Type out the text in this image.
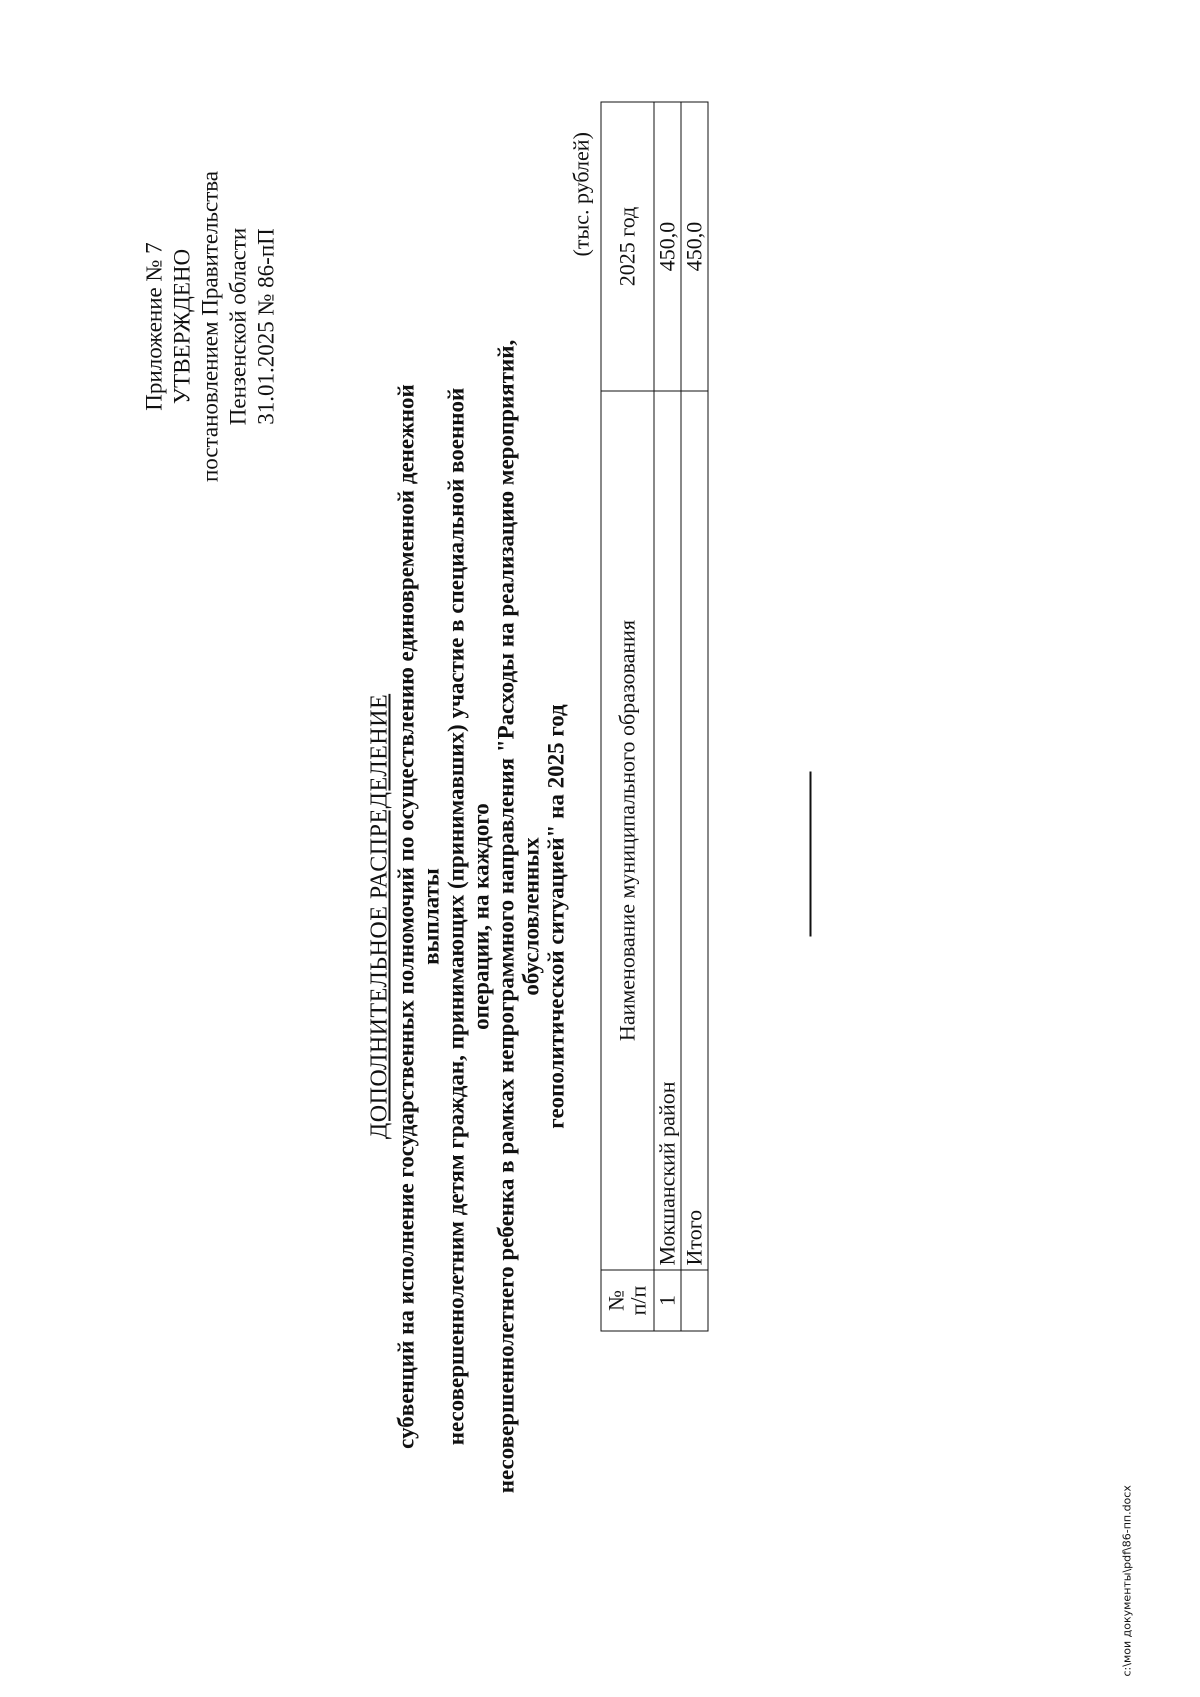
Приложение № 7 УТВЕРЖДЕНО постановлением Правительства Пензенской области 31.01.2025 № 86-пП
ДОПОЛНИТЕЛЬНОЕ РАСПРЕДЕЛЕНИЕ субвенций на исполнение государственных полномочий по осуществлению единовременной денежной выплаты несовершеннолетним детям граждан, принимающих (принимавших) участие в специальной военной операции, на каждого несовершеннолетнего ребенка в рамках непрограммного направления "Расходы на реализацию мероприятий, обусловленных геополитической ситуацией" на 2025 год
(тыс. рублей)
№
п/п	Наименование муниципального образования	2025 год
1	Мокшанский район	450,0
	Итого	450,0
c:\мои документы\pdf\86-пп.docx
